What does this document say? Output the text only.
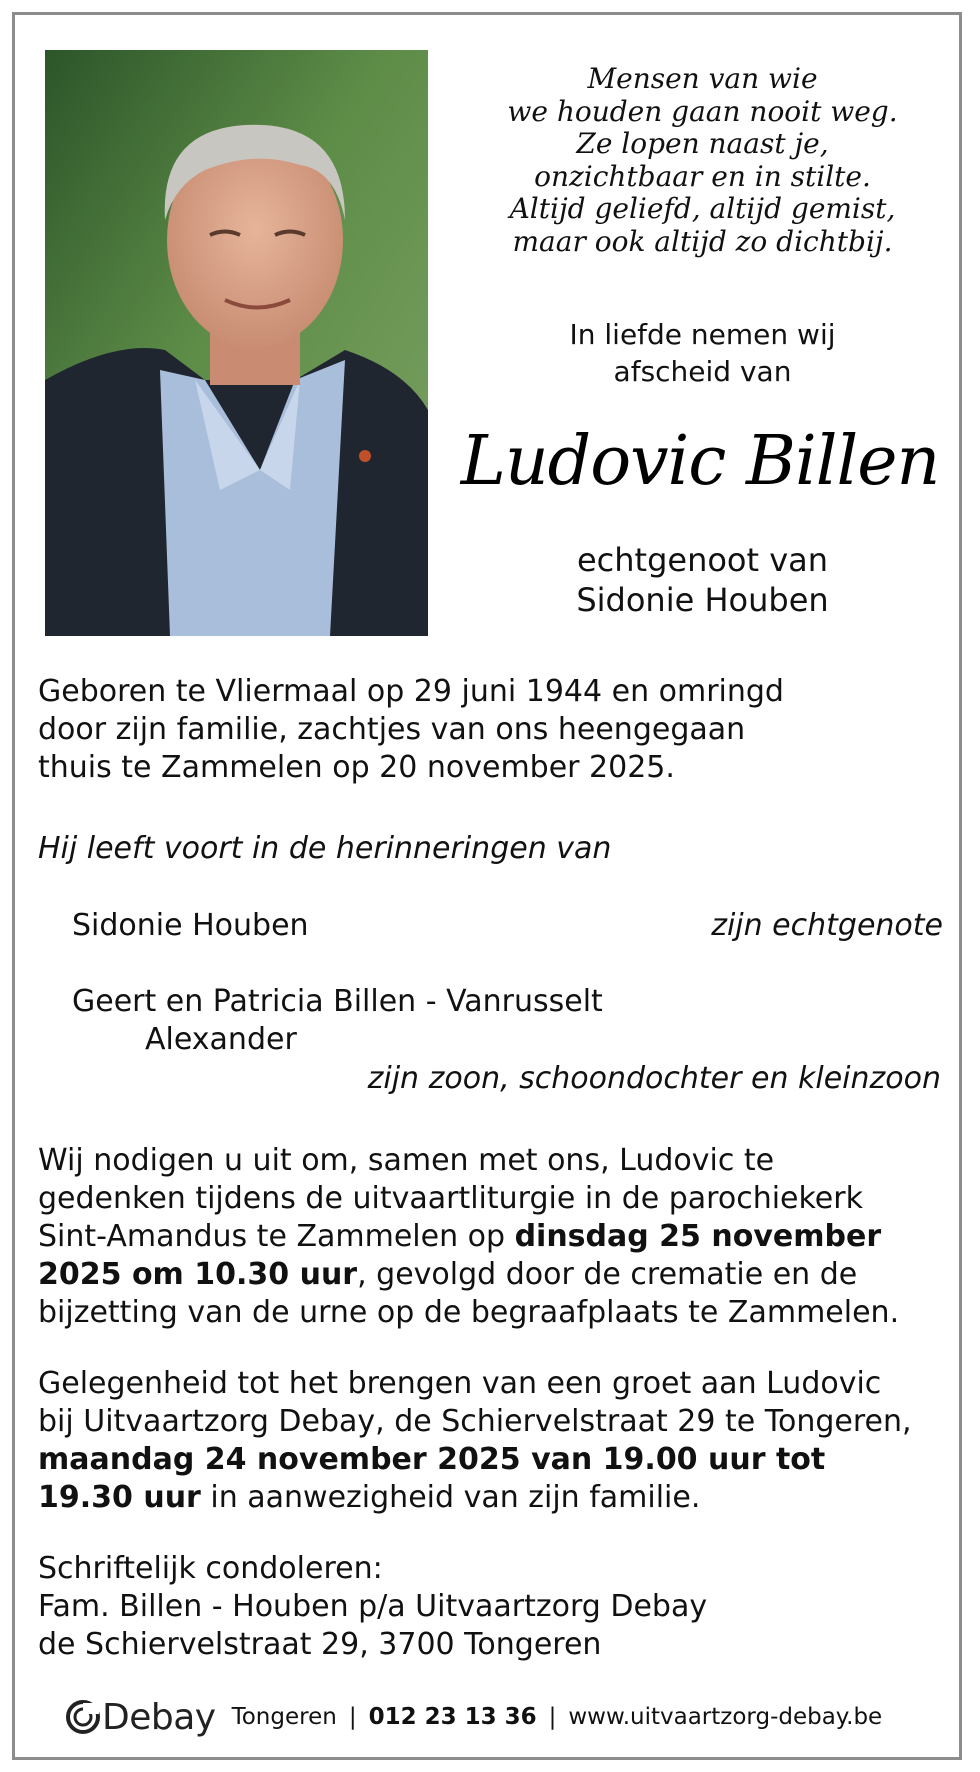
Mensen van wie
we houden gaan nooit weg.
Ze lopen naast je,
onzichtbaar en in stilte.
Altijd geliefd, altijd gemist,
maar ook altijd zo dichtbij.
In liefde nemen wij
afscheid van
Ludovic Billen
echtgenoot van
Sidonie Houben
Geboren te Vliermaal op 29 juni 1944 en omringd
door zijn familie, zachtjes van ons heengegaan
thuis te Zammelen op 20 november 2025.
Hij leeft voort in de herinneringen van
Sidonie Houben	zijn echtgenote
Geert en Patricia Billen - Vanrusselt
Alexander
zijn zoon, schoondochter en kleinzoon
Wij nodigen u uit om, samen met ons, Ludovic te
gedenken tijdens de uitvaartliturgie in de parochiekerk
Sint-Amandus te Zammelen op dinsdag 25 november
2025 om 10.30 uur, gevolgd door de crematie en de
bijzetting van de urne op de begraafplaats te Zammelen.
Gelegenheid tot het brengen van een groet aan Ludovic
bij Uitvaartzorg Debay, de Schiervelstraat 29 te Tongeren,
maandag 24 november 2025 van 19.00 uur tot
19.30 uur in aanwezigheid van zijn familie.
Schriftelijk condoleren:
Fam. Billen - Houben p/a Uitvaartzorg Debay
de Schiervelstraat 29, 3700 Tongeren
Debay Tongeren | 012 23 13 36 | www.uitvaartzorg-debay.be
